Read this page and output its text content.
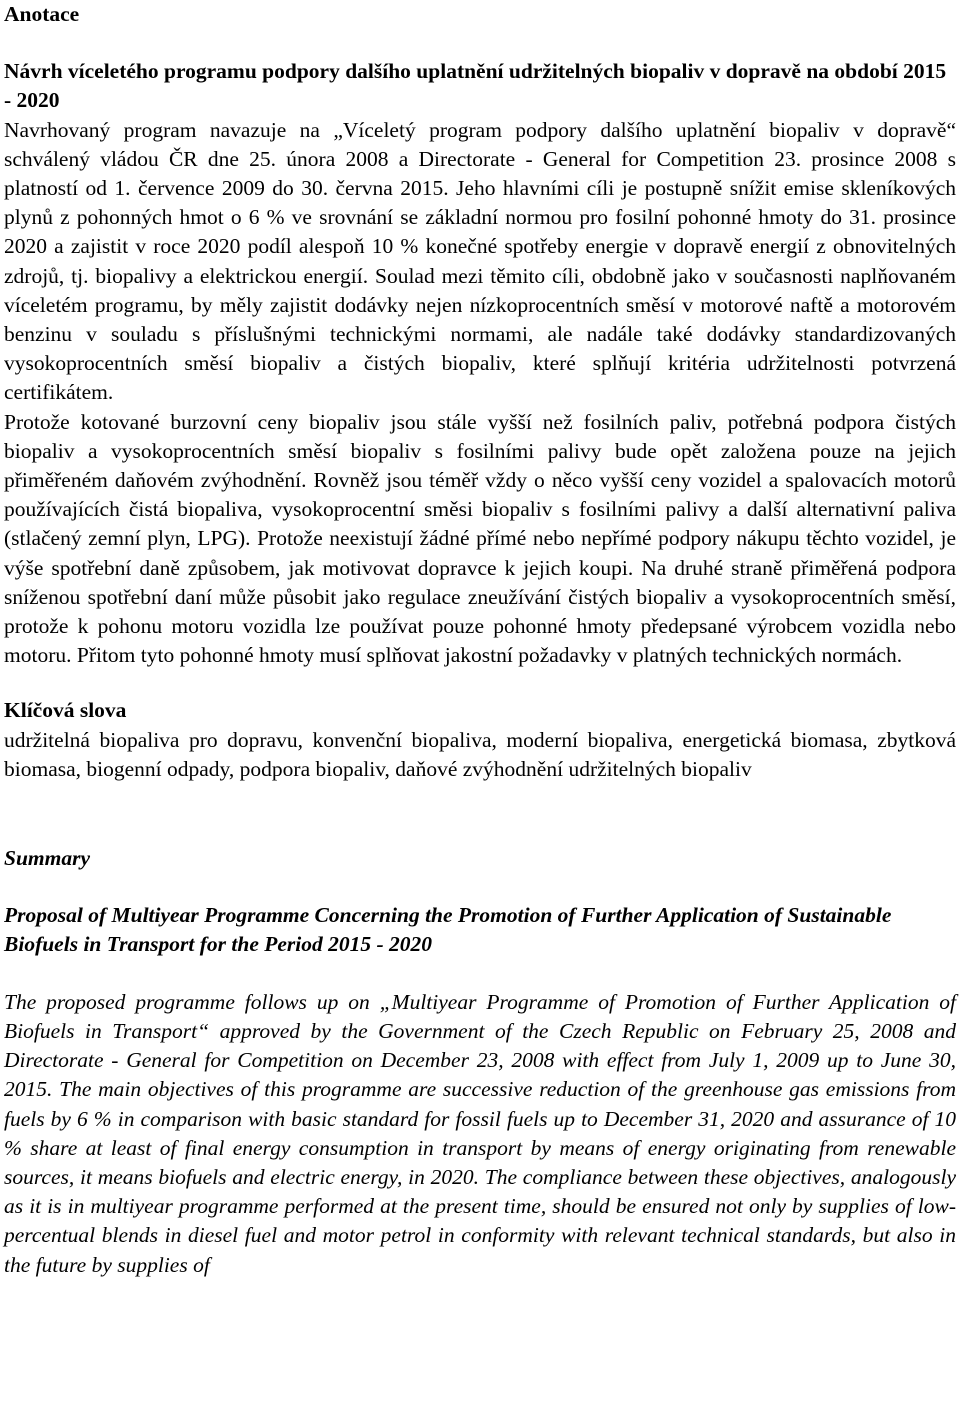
Anotace
Návrh víceletého programu podpory dalšího uplatnění udržitelných biopaliv v dopravě na období 2015 - 2020

Navrhovaný program navazuje na „Víceletý program podpory dalšího uplatnění biopaliv v dopravě“ schválený vládou ČR dne 25. února 2008 a Directorate - General for Competition 23. prosince 2008 s platností od 1. července 2009 do 30. června 2015. Jeho hlavními cíli je postupně snížit emise skleníkových plynů z pohonných hmot o 6 % ve srovnání se základní normou pro fosilní pohonné hmoty do 31. prosince 2020 a zajistit v roce 2020 podíl alespoň 10 % konečné spotřeby energie v dopravě energií z obnovitelných zdrojů, tj. biopalivy a elektrickou energií. Soulad mezi těmito cíli, obdobně jako v současnosti naplňovaném víceletém programu, by měly zajistit dodávky nejen nízkoprocentních směsí v motorové naftě a motorovém benzinu v souladu s příslušnými technickými normami, ale nadále také dodávky standardizovaných vysokoprocentních směsí biopaliv a čistých biopaliv, které splňují kritéria udržitelnosti potvrzená certifikátem.

Protože kotované burzovní ceny biopaliv jsou stále vyšší než fosilních paliv, potřebná podpora čistých biopaliv a vysokoprocentních směsí biopaliv s fosilními palivy bude opět založena pouze na jejich přiměřeném daňovém zvýhodnění. Rovněž jsou téměř vždy o něco vyšší ceny vozidel a spalovacích motorů používajících čistá biopaliva, vysokoprocentní směsi biopaliv s fosilními palivy a další alternativní paliva (stlačený zemní plyn, LPG). Protože neexistují žádné přímé nebo nepřímé podpory nákupu těchto vozidel, je výše spotřební daně způsobem, jak motivovat dopravce k jejich koupi. Na druhé straně přiměřená podpora sníženou spotřební daní může působit jako regulace zneužívání čistých biopaliv a vysokoprocentních směsí, protože k pohonu motoru vozidla lze používat pouze pohonné hmoty předepsané výrobcem vozidla nebo motoru. Přitom tyto pohonné hmoty musí splňovat jakostní požadavky v platných technických normách.

Klíčová slova

udržitelná biopaliva pro dopravu, konvenční biopaliva, moderní biopaliva, energetická biomasa, zbytková biomasa, biogenní odpady, podpora biopaliv, daňové zvýhodnění udržitelných biopaliv

Summary
Proposal of Multiyear Programme Concerning the Promotion of Further Application of Sustainable Biofuels in Transport for the Period 2015 - 2020

The proposed programme follows up on „Multiyear Programme of Promotion of Further Application of Biofuels in Transport“ approved by the Government of the Czech Republic on February 25, 2008 and Directorate - General for Competition on December 23, 2008 with effect from July 1, 2009 up to June 30, 2015. The main objectives of this programme are successive reduction of the greenhouse gas emissions from fuels by 6 % in comparison with basic standard for fossil fuels up to December 31, 2020 and assurance of 10 % share at least of final energy consumption in transport by means of energy originating from renewable sources, it means biofuels and electric energy, in 2020. The compliance between these objectives, analogously as it is in multiyear programme performed at the present time, should be ensured not only by supplies of low-percentual blends in diesel fuel and motor petrol in conformity with relevant technical standards, but also in the future by supplies of
